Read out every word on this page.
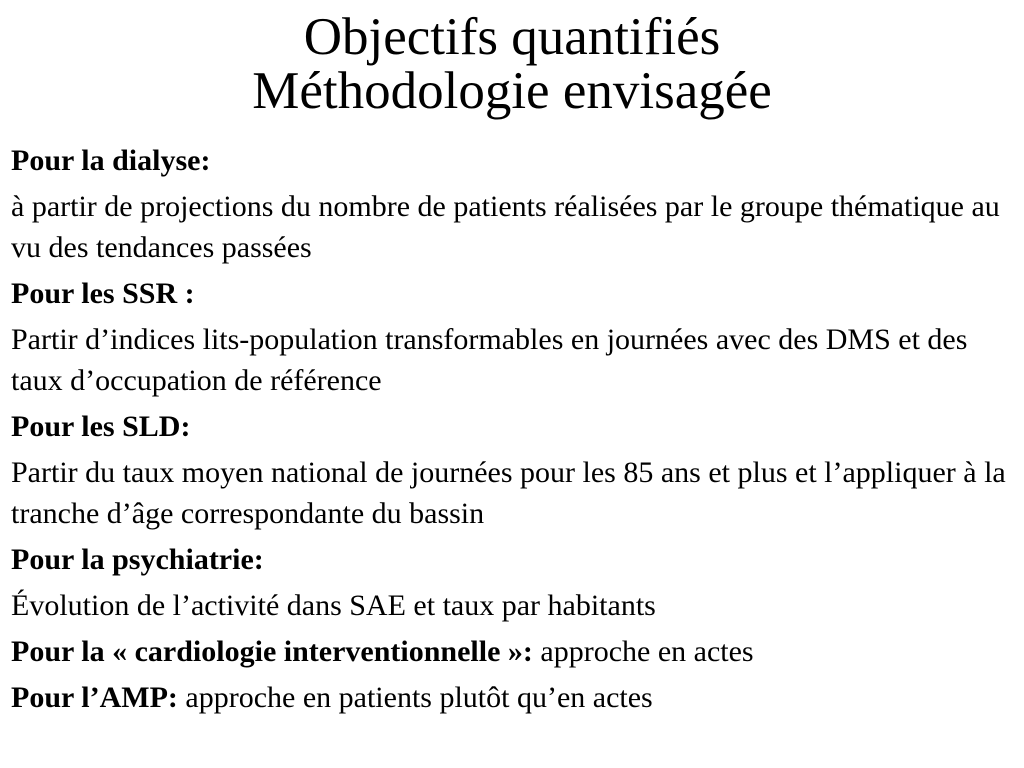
Objectifs quantifiés
Méthodologie envisagée
Pour la dialyse:
à partir de projections du nombre de patients réalisées par le groupe thématique au vu des tendances passées
Pour les SSR :
Partir d’indices lits-population transformables en journées avec des DMS et des taux d’occupation de référence
Pour les SLD:
Partir du taux moyen national de journées pour les 85 ans et plus et l’appliquer à la tranche d’âge correspondante du bassin
Pour la psychiatrie:
Évolution de l’activité dans SAE et taux par habitants
Pour la « cardiologie interventionnelle »: approche en actes
Pour l’AMP: approche en patients plutôt qu’en actes
